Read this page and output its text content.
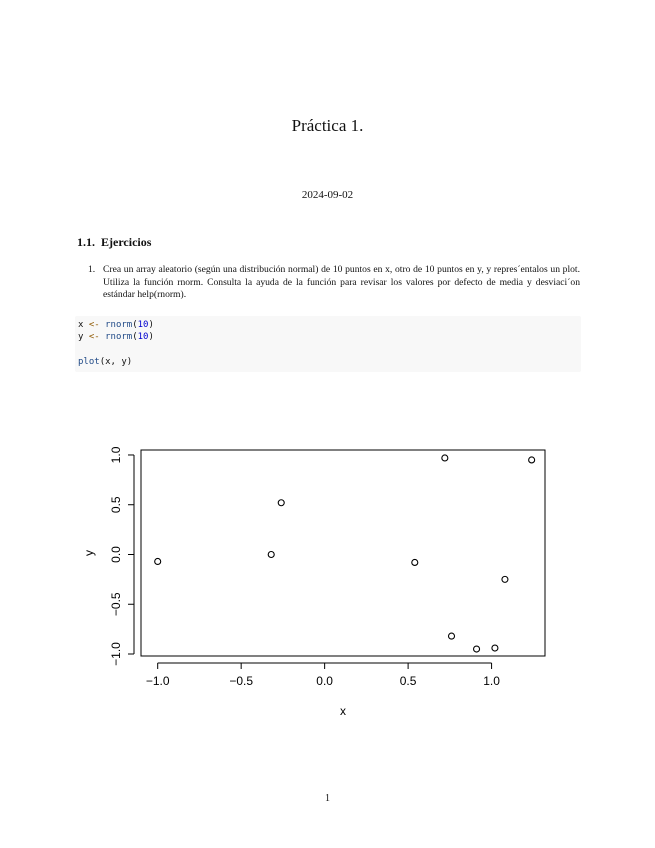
Práctica 1.
2024-09-02
1.1. Ejercicios
1. Crea un array aleatorio (según una distribución normal) de 10 puntos en x, otro de 10 puntos en y, y repres´entalos un plot. Utiliza la función rnorm. Consulta la ayuda de la función para revisar los valores por defecto de media y desviaci´on estándar help(rnorm).
x <- rnorm(10)
y <- rnorm(10)
plot(x, y)
−1.0	−0.5	0.0	0.5	1.0
x
−1.0
−0.5
0.0
0.5
1.0
y
1
